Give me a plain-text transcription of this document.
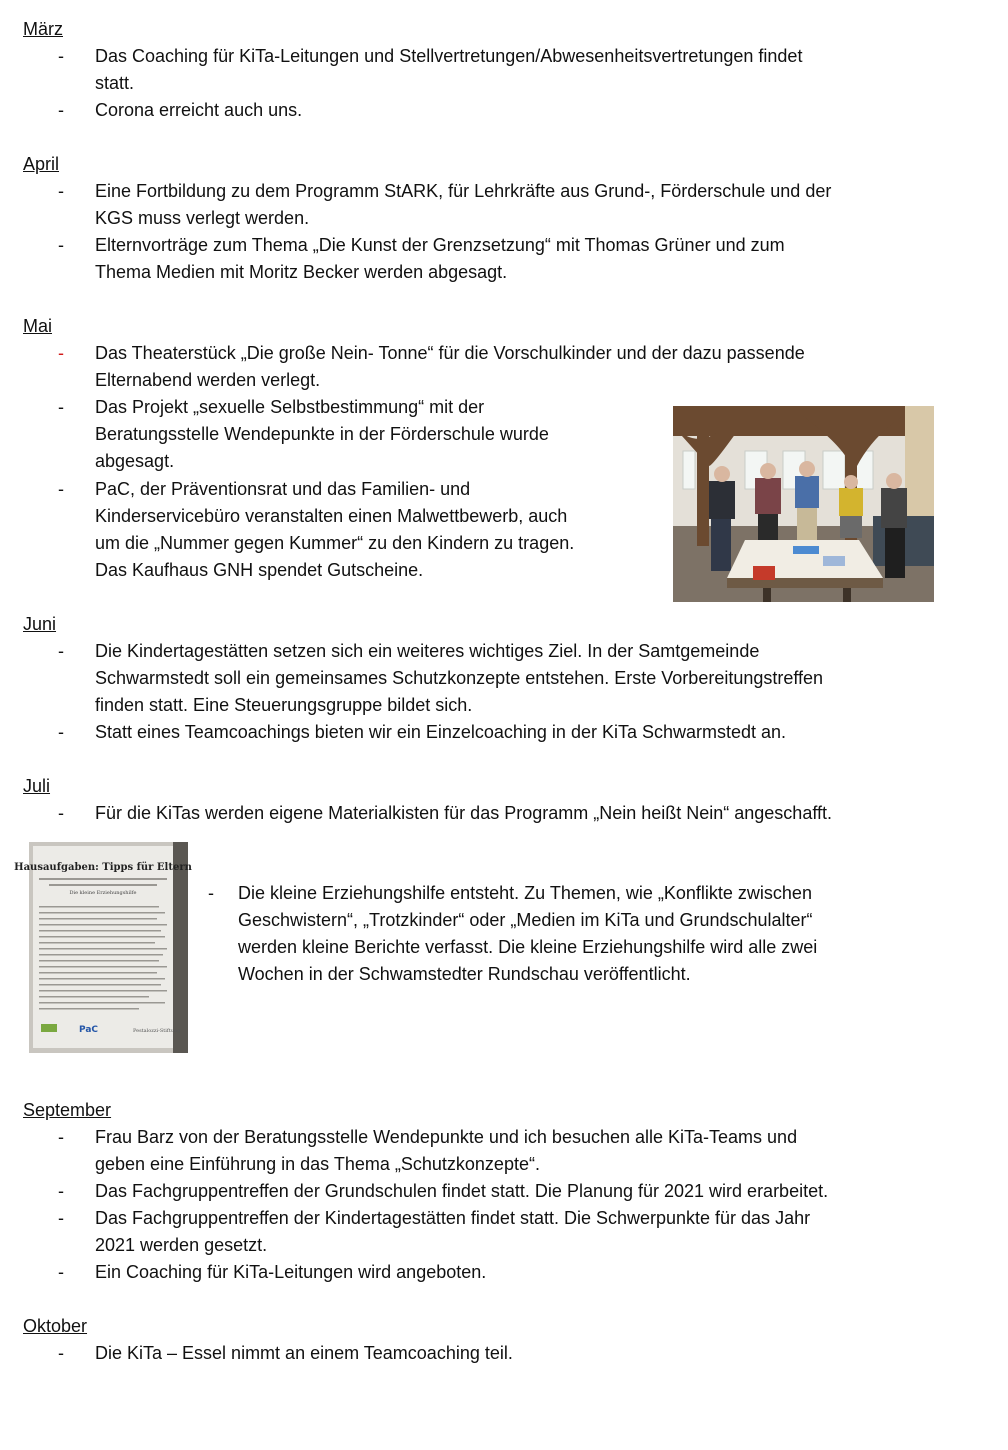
März
-	Das Coaching für KiTa-Leitungen und Stellvertretungen/Abwesenheitsvertretungen findet
statt.
-	Corona erreicht auch uns.
April
-	Eine Fortbildung zu dem Programm StARK, für Lehrkräfte aus Grund-, Förderschule und der
KGS muss verlegt werden.
-	Elternvorträge zum Thema „Die Kunst der Grenzsetzung“ mit Thomas Grüner und zum
Thema Medien mit Moritz Becker werden abgesagt.
Mai
-	Das Theaterstück „Die große Nein- Tonne“ für die Vorschulkinder und der dazu passende
Elternabend werden verlegt.
-	Das Projekt „sexuelle Selbstbestimmung“ mit der
Beratungsstelle Wendepunkte in der Förderschule wurde
abgesagt.
-	PaC, der Präventionsrat und das Familien- und
Kinderservicebüro veranstalten einen Malwettbewerb, auch
um die „Nummer gegen Kummer“ zu den Kindern zu tragen.
Das Kaufhaus GNH spendet Gutscheine.
Juni
-	Die Kindertagestätten setzen sich ein weiteres wichtiges Ziel. In der Samtgemeinde
Schwarmstedt soll ein gemeinsames Schutzkonzepte entstehen. Erste Vorbereitungstreffen
finden statt. Eine Steuerungsgruppe bildet sich.
-	Statt eines Teamcoachings bieten wir ein Einzelcoaching in der KiTa Schwarmstedt an.
Juli
-	Für die KiTas werden eigene Materialkisten für das Programm „Nein heißt Nein“ angeschafft.
Hausaufgaben: Tipps für Eltern
Die kleine Erziehungshilfe
PaC	Pestalozzi-Stiftung
-	Die kleine Erziehungshilfe entsteht. Zu Themen, wie „Konflikte zwischen
Geschwistern“, „Trotzkinder“ oder „Medien im KiTa und Grundschulalter“
werden kleine Berichte verfasst. Die kleine Erziehungshilfe wird alle zwei
Wochen in der Schwamstedter Rundschau veröffentlicht.
September
-	Frau Barz von der Beratungsstelle Wendepunkte und ich besuchen alle KiTa-Teams und
geben eine Einführung in das Thema „Schutzkonzepte“.
-	Das Fachgruppentreffen der Grundschulen findet statt. Die Planung für 2021 wird erarbeitet.
-	Das Fachgruppentreffen der Kindertagestätten findet statt. Die Schwerpunkte für das Jahr
2021 werden gesetzt.
-	Ein Coaching für KiTa-Leitungen wird angeboten.
Oktober
-	Die KiTa – Essel nimmt an einem Teamcoaching teil.
